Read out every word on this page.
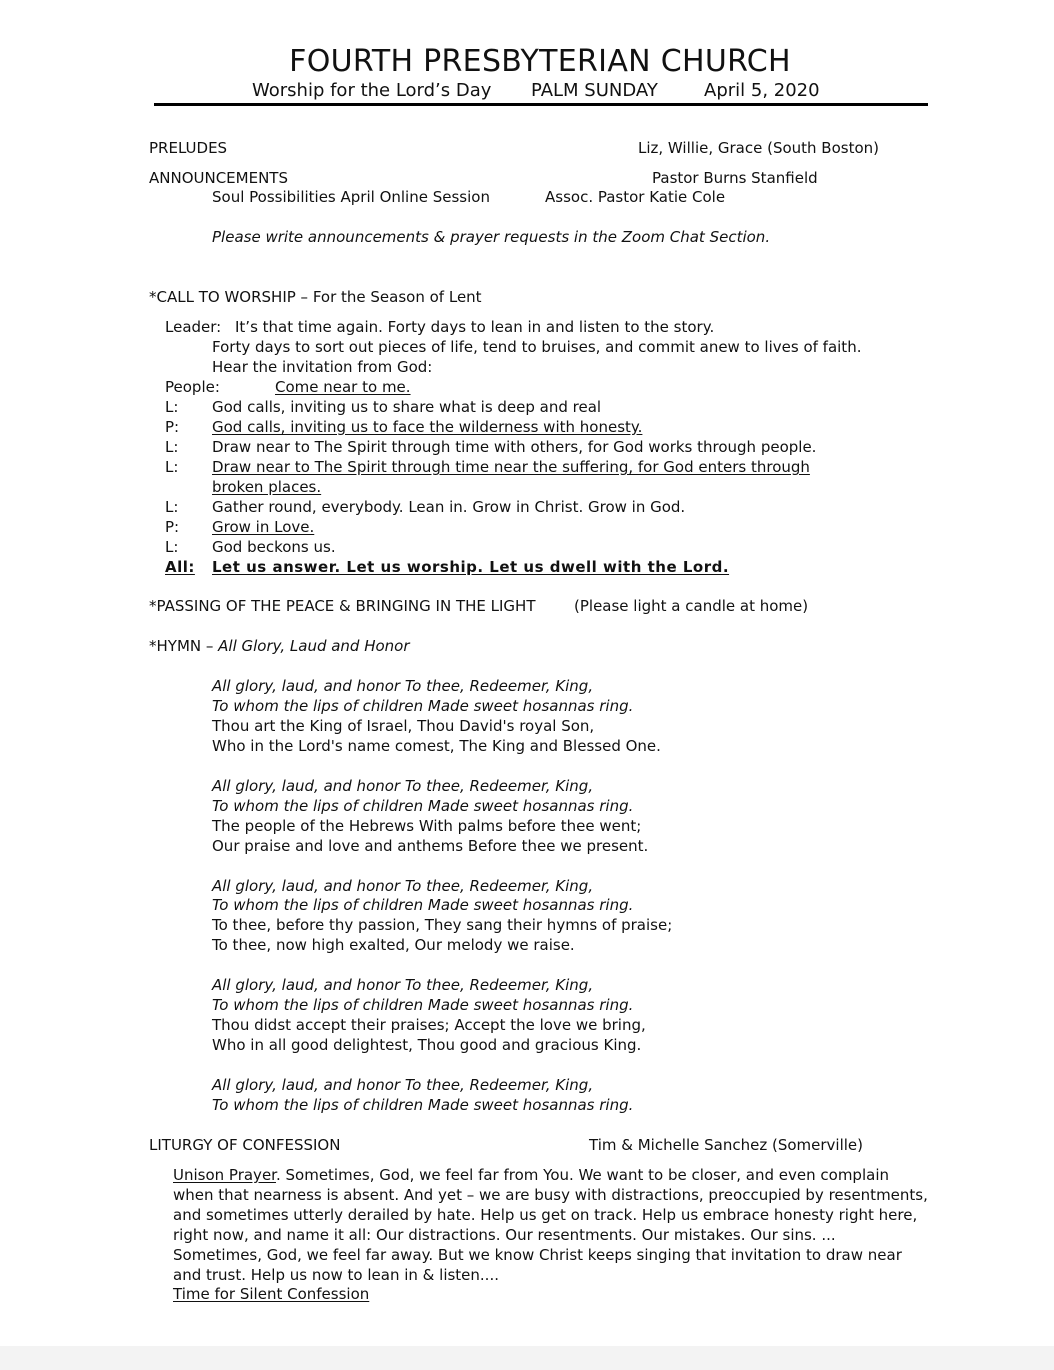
FOURTH PRESBYTERIAN CHURCH
Worship for the Lord’s Day PALM SUNDAY	April 5, 2020
PRELUDES	Liz, Willie, Grace (South Boston)
ANNOUNCEMENTS	Pastor Burns Stanfield
Soul Possibilities April Online Session	Assoc. Pastor Katie Cole
Please write announcements & prayer requests in the Zoom Chat Section.
*CALL TO WORSHIP – For the Season of Lent
Leader: It’s that time again. Forty days to lean in and listen to the story.
Forty days to sort out pieces of life, tend to bruises, and commit anew to lives of faith.
Hear the invitation from God:
People:	Come near to me.
L: God calls, inviting us to share what is deep and real
P: God calls, inviting us to face the wilderness with honesty.
L: Draw near to The Spirit through time with others, for God works through people.
L: Draw near to The Spirit through time near the suffering, for God enters through
broken places.
L: Gather round, everybody. Lean in. Grow in Christ. Grow in God.
P: Grow in Love.
L: God beckons us.
All: Let us answer. Let us worship. Let us dwell with the Lord.
*PASSING OF THE PEACE & BRINGING IN THE LIGHT	(Please light a candle at home)
*HYMN – All Glory, Laud and Honor
All glory, laud, and honor To thee, Redeemer, King,
To whom the lips of children Made sweet hosannas ring.
Thou art the King of Israel, Thou David's royal Son,
Who in the Lord's name comest, The King and Blessed One.
All glory, laud, and honor To thee, Redeemer, King,
To whom the lips of children Made sweet hosannas ring.
The people of the Hebrews With palms before thee went;
Our praise and love and anthems Before thee we present.
All glory, laud, and honor To thee, Redeemer, King,
To whom the lips of children Made sweet hosannas ring.
To thee, before thy passion, They sang their hymns of praise;
To thee, now high exalted, Our melody we raise.
All glory, laud, and honor To thee, Redeemer, King,
To whom the lips of children Made sweet hosannas ring.
Thou didst accept their praises; Accept the love we bring,
Who in all good delightest, Thou good and gracious King.
All glory, laud, and honor To thee, Redeemer, King,
To whom the lips of children Made sweet hosannas ring.
LITURGY OF CONFESSION	Tim & Michelle Sanchez (Somerville)
Unison Prayer. Sometimes, God, we feel far from You. We want to be closer, and even complain when that nearness is absent. And yet – we are busy with distractions, preoccupied by resentments, and sometimes utterly derailed by hate. Help us get on track. Help us embrace honesty right here, right now, and name it all: Our distractions. Our resentments. Our mistakes. Our sins. ... Sometimes, God, we feel far away. But we know Christ keeps singing that invitation to draw near and trust. Help us now to lean in & listen....
Time for Silent Confession
